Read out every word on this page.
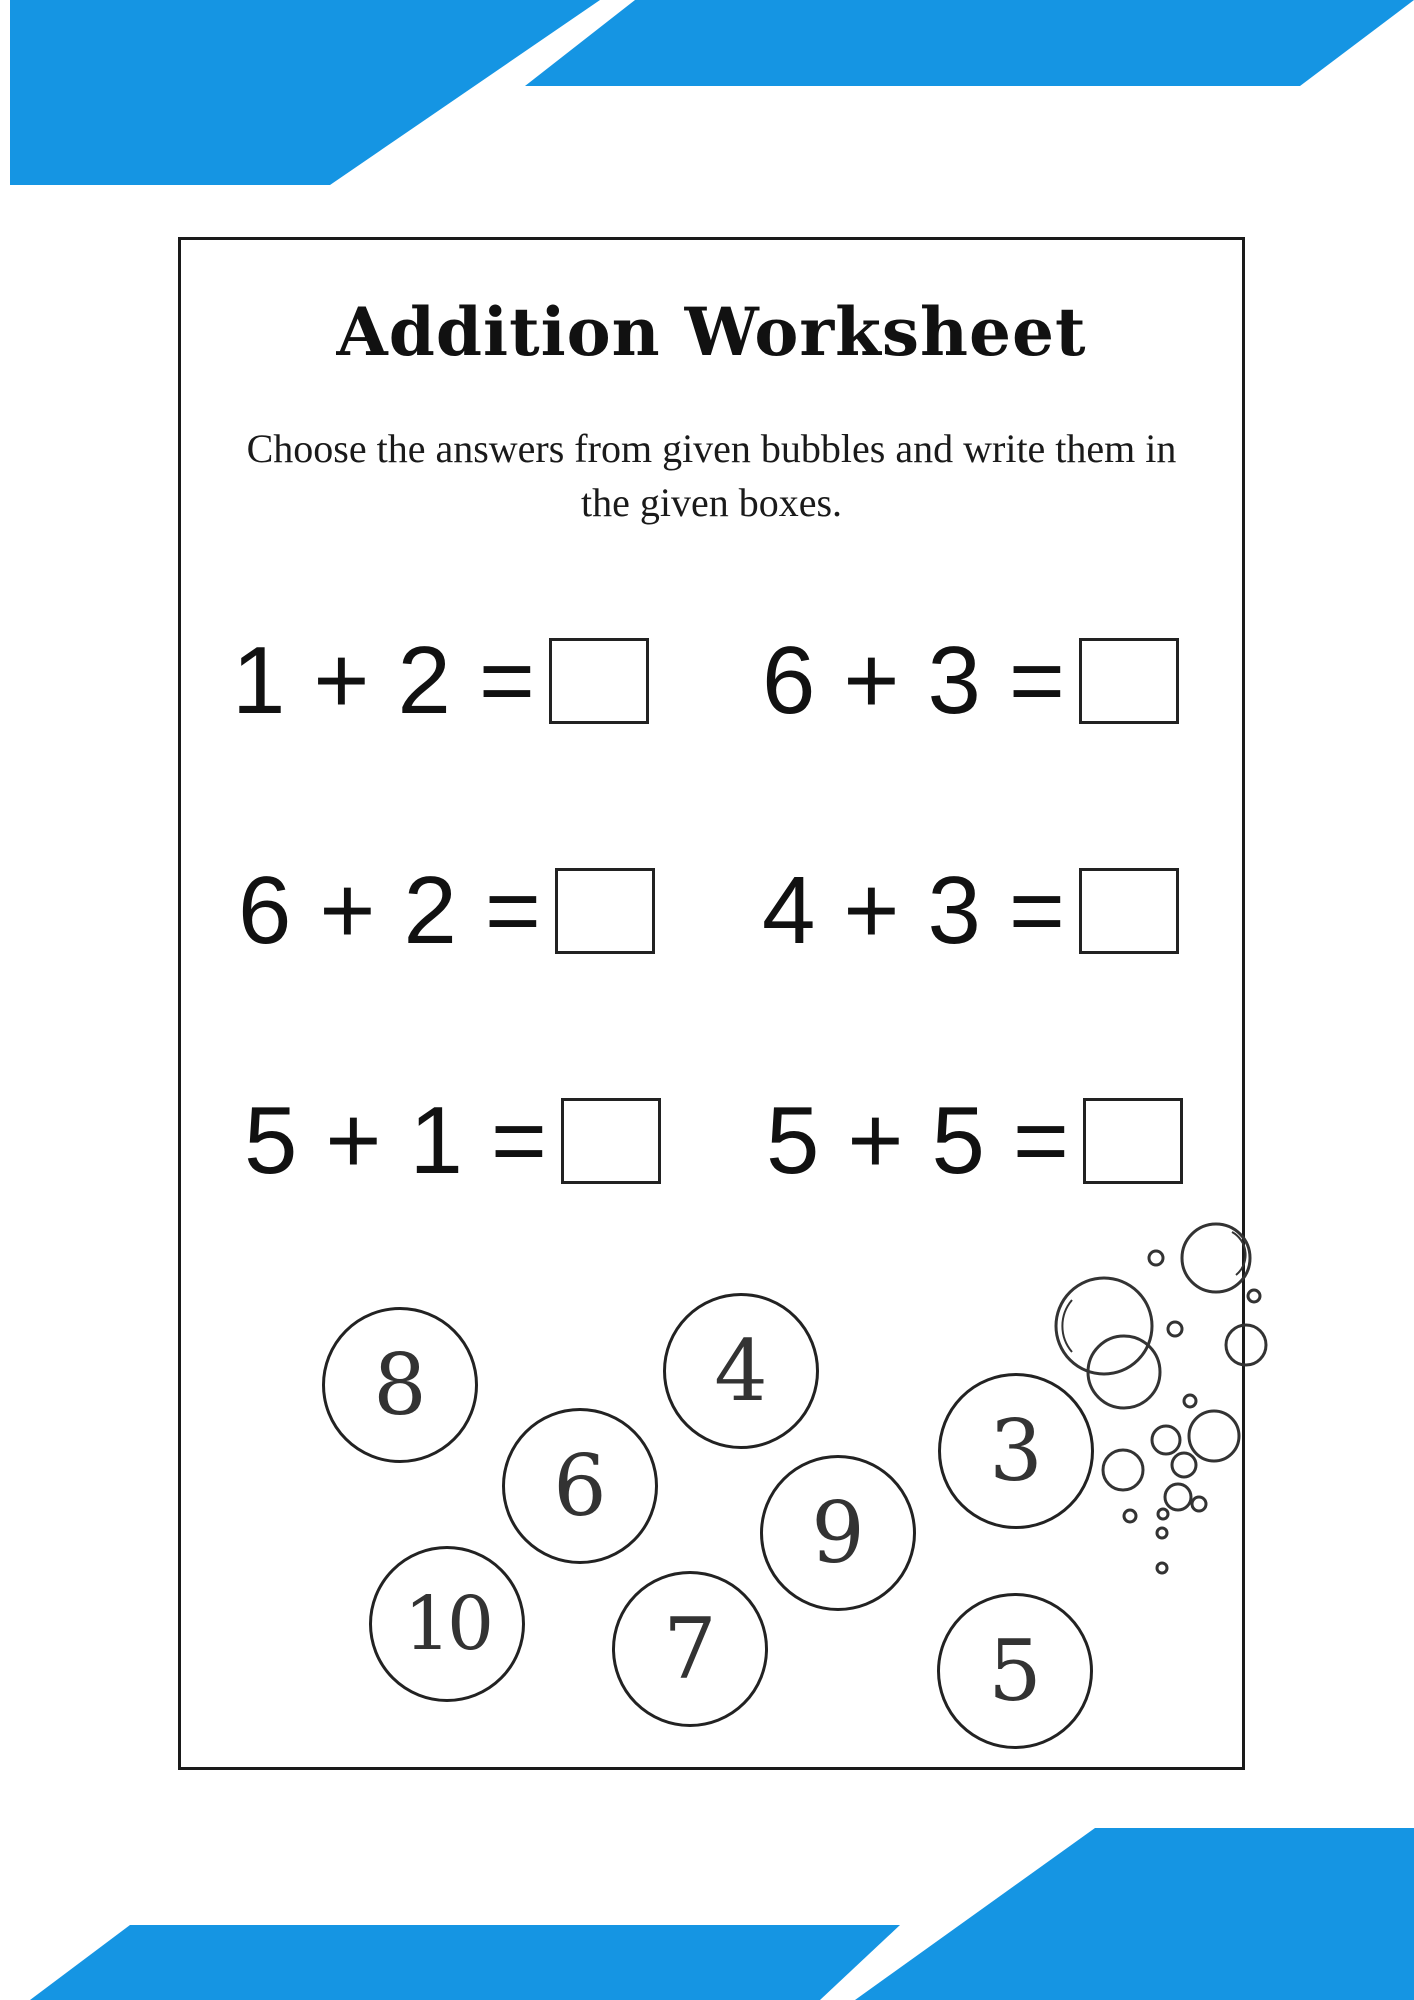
Addition Worksheet

Choose the answers from given bubbles and write them in the given boxes.

1 + 2 = 6 + 3 =
6 + 2 = 4 + 3 =
5 + 1 = 5 + 5 =
8	4
6	9
3
10	7	5
